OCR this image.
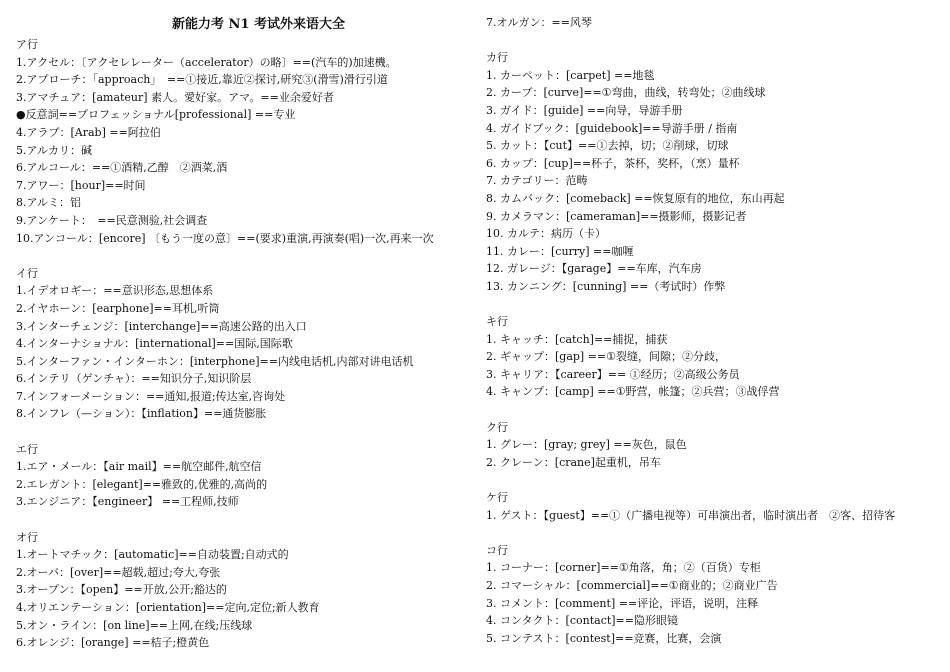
新能力考 N1 考试外来语大全
ア行
1.アクセル：〔アクセレレーター（accelerator）の略〕==(汽车的)加速機。
2.アプローチ：「approach」　==①接近,靠近②探讨,研究③(滑雪)滑行引道
3.アマチュア：[amateur] 素人。愛好家。アマ。==业余爱好者
●反意詞==プロフェッショナル[professional] ==专业
4.アラブ：[Arab] ==阿拉伯
5.アルカリ：碱
6.アルコール：==①酒精,乙醇　②酒菜,酒
7.アワー：[hour]==时间
8.アルミ：铝
9.アンケート：　==民意测验,社会调查
10.アンコール：[encore] 〔もう一度の意〕==(要求)重演,再演奏(唱)一次,再来一次
イ行
1.イデオロギー：==意识形态,思想体系
2.イヤホーン：[earphone]==耳机,听筒
3.インターチェンジ：[interchange]==高速公路的出入口
4.インターナショナル：[international]==国际,国际歌
5.インターファン・インターホン：[interphone]==内线电话机,内部对讲电话机
6.インテリ（ゲンチャ）：==知识分子,知识阶层
7.インフォーメーション：==通知,报道;传达室,咨询处
8.インフレ（—ション）：【inflation】==通货膨胀
エ行
1.エア・メール：【air mail】==航空邮件,航空信
2.エレガント：[elegant]==雅致的,优雅的,高尚的
3.エンジニア：【engineer】 ==工程师,技师
オ行
1.オートマチック：[automatic]==自动装置;自动式的
2.オーバ：[over]==超载,超过;夸大,夸张
3.オープン：【open】==开放,公开;豁达的
4.オリエンテーション：[orientation]==定向,定位;新人教育
5.オン・ライン：[on line]==上网,在线;压线球
6.オレンジ：[orange] ==桔子;橙黄色
7.オルガン：==风琴
カ行
1. カーペット：[carpet] ==地毯
2. カーブ：[curve]==①弯曲，曲线，转弯处；②曲线球
3. ガイド：[guide] ==向导，导游手册
4. ガイドブック：[guidebook]==导游手册 / 指南
5. カット：【cut】==①去掉，切；②削球，切球
6. カップ：[cup]==杯子，茶杯，奖杯，（烹）量杯
7. カテゴリー：范畴
8. カムバック：[comeback] ==恢复原有的地位，东山再起
9. カメラマン：[cameraman]==摄影师，摄影记者
10. カルテ：病历（卡）
11. カレー：[curry] ==咖喱
12. ガレージ：【garage】==车库，汽车房
13. カンニング：[cunning] ==（考试时）作弊
キ行
1. キャッチ：[catch]==捕捉，捕获
2. ギャップ：[gap] ==①裂缝，间隙；②分歧，
3. キャリア：【career】== ①经历；②高级公务员
4. キャンプ：[camp] ==①野营，帐篷；②兵营；③战俘营
ク行
1. グレー：[gray; grey] ==灰色，鼠色
2. クレーン：[crane]起重机，吊车
ケ行
1. ゲスト：【guest】==①（广播电视等）可串演出者，临时演出者　②客、招待客
コ行
1. コーナー：[corner]==①角落，角；②（百货）专柜
2. コマーシャル：[commercial]==①商业的；②商业广告
3. コメント：[comment] ==评论，评语，说明，注释
4. コンタクト：[contact]==隐形眼镜
5. コンテスト：[contest]==竞赛，比赛，会演
